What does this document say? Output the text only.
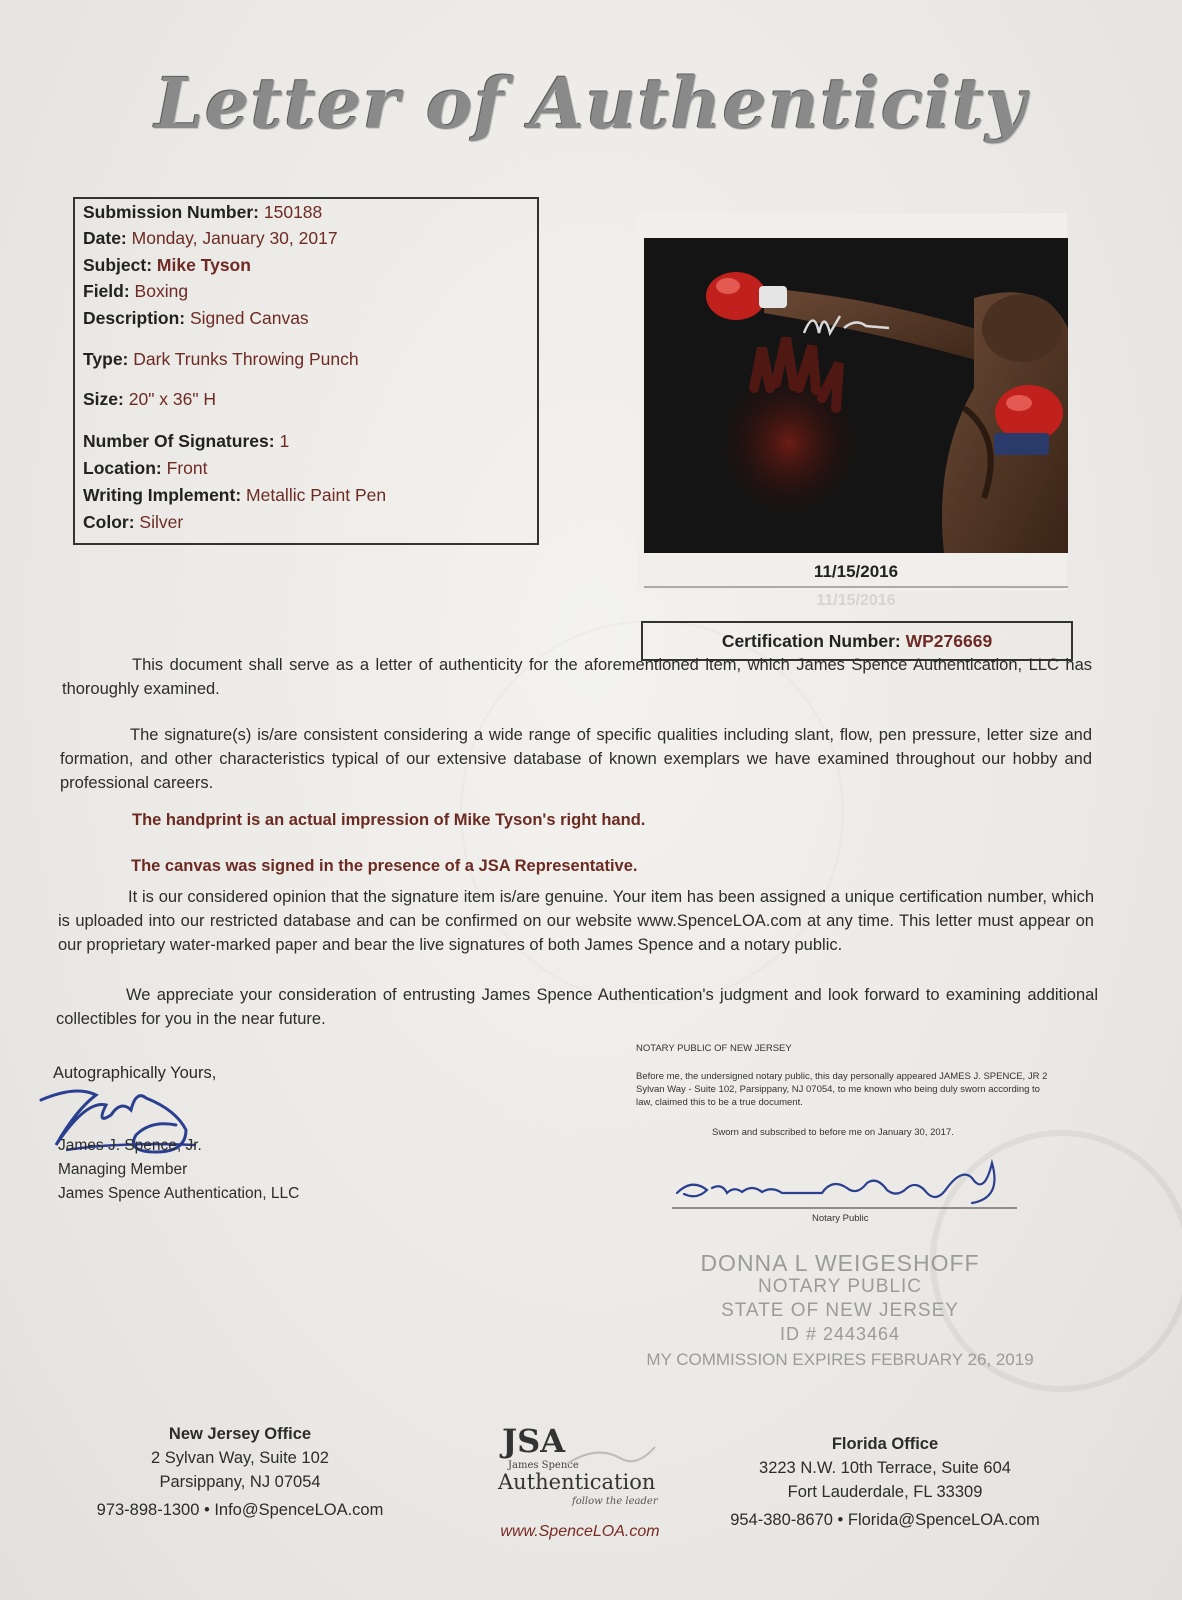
Letter of Authenticity
Submission Number: 150188
Date: Monday, January 30, 2017
Subject: Mike Tyson
Field: Boxing
Description: Signed Canvas
Type: Dark Trunks Throwing Punch
Size: 20" x 36" H
Number Of Signatures: 1
Location: Front
Writing Implement: Metallic Paint Pen
Color: Silver
11/15/2016
11/15/2016
Certification Number: WP276669
This document shall serve as a letter of authenticity for the aforementioned item, which James Spence Authentication, LLC has thoroughly examined.
The signature(s) is/are consistent considering a wide range of specific qualities including slant, flow, pen pressure, letter size and formation, and other characteristics typical of our extensive database of known exemplars we have examined throughout our hobby and professional careers.
The handprint is an actual impression of Mike Tyson's right hand.
The canvas was signed in the presence of a JSA Representative.
It is our considered opinion that the signature item is/are genuine. Your item has been assigned a unique certification number, which is uploaded into our restricted database and can be confirmed on our website www.SpenceLOA.com at any time. This letter must appear on our proprietary water-marked paper and bear the live signatures of both James Spence and a notary public.
We appreciate your consideration of entrusting James Spence Authentication's judgment and look forward to examining additional collectibles for you in the near future.
Autographically Yours,
James J. Spence, Jr.
Managing Member
James Spence Authentication, LLC
NOTARY PUBLIC OF NEW JERSEY
Before me, the undersigned notary public, this day personally appeared JAMES J. SPENCE, JR 2 Sylvan Way - Suite 102, Parsippany, NJ 07054, to me known who being duly sworn according to law, claimed this to be a true document.
Sworn and subscribed to before me on January 30, 2017.
Notary Public
DONNA L WEIGESHOFF
NOTARY PUBLIC
STATE OF NEW JERSEY
ID # 2443464
MY COMMISSION EXPIRES FEBRUARY 26, 2019
New Jersey Office
2 Sylvan Way, Suite 102
Parsippany, NJ 07054
973-898-1300 • Info@SpenceLOA.com
JSA
James Spence
Authentication
follow the leader
www.SpenceLOA.com
Florida Office
3223 N.W. 10th Terrace, Suite 604
Fort Lauderdale, FL 33309
954-380-8670 • Florida@SpenceLOA.com
